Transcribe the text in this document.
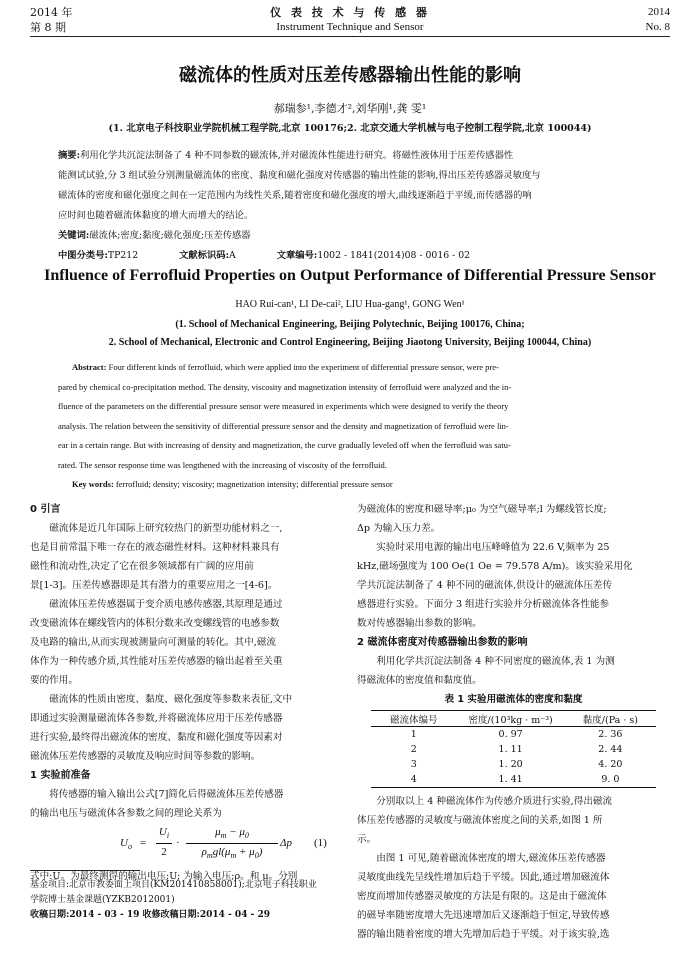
2014 年
第 8 期
仪 表 技 术 与 传 感 器
Instrument Technique and Sensor
2014
No. 8
磁流体的性质对压差传感器输出性能的影响
郝瑞参¹,李德才²,刘华刚¹,龚 雯¹
(1. 北京电子科技职业学院机械工程学院,北京 100176;2. 北京交通大学机械与电子控制工程学院,北京 100044)
摘要:利用化学共沉淀法制备了 4 种不同参数的磁流体,并对磁流体性能进行研究。将磁性液体用于压差传感器性
能测试试验,分 3 组试验分别测量磁流体的密度、黏度和磁化强度对传感器的输出性能的影响,得出压差传感器灵敏度与
磁流体的密度和磁化强度之间在一定范围内为线性关系,随着密度和磁化强度的增大,曲线逐渐趋于平缓,而传感器的响
应时间也随着磁流体黏度的增大而增大的结论。
关键词:磁流体;密度;黏度;磁化强度;压差传感器
中图分类号:TP212	文献标识码:A	文章编号:1002 - 1841(2014)08 - 0016 - 02
Influence of Ferrofluid Properties on Output Performance of Differential Pressure Sensor
HAO Rui-can¹, LI De-cai², LIU Hua-gang¹, GONG Wen¹
(1. School of Mechanical Engineering, Beijing Polytechnic, Beijing 100176, China;
2. School of Mechanical, Electronic and Control Engineering, Beijing Jiaotong University, Beijing 100044, China)
Abstract: Four different kinds of ferrofluid, which were applied into the experiment of differential pressure sensor, were pre-
pared by chemical co-precipitation method. The density, viscosity and magnetization intensity of ferrofluid were analyzed and the in-
fluence of the parameters on the differential pressure sensor were measured in experiments which were designed to verify the theory
analysis. The relation between the sensitivity of differential pressure sensor and the density and magnetization of ferrofluid were lin-
ear in a certain range. But with increasing of density and magnetization, the curve gradually leveled off when the ferrofluid was satu-
rated. The sensor response time was lengthened with the increasing of viscosity of the ferrofluid.
Key words: ferrofluid; density; viscosity; magnetization intensity; differential pressure sensor
0 引言
磁流体是近几年国际上研究较热门的新型功能材料之一,
也是目前常温下唯一存在的液态磁性材料。这种材料兼具有
磁性和流动性,决定了它在很多领域都有广阔的应用前
景[1-3]。压差传感器即是其有潜力的重要应用之一[4-6]。
磁流体压差传感器属于变介质电感传感器,其原理是通过
改变磁流体在螺线管内的体积分数来改变螺线管的电感参数
及电路的输出,从而实现被测量向可测量的转化。其中,磁流
体作为一种传感介质,其性能对压差传感器的输出起着至关重
要的作用。
磁流体的性质由密度、黏度、磁化强度等参数来表征,文中
即通过实验测量磁流体各参数,并将磁流体应用于压差传感器
进行实验,最终得出磁流体的密度、黏度和磁化强度等因素对
磁流体压差传感器的灵敏度及响应时间等参数的影响。
1 实验前准备
将传感器的输入输出公式[7]简化后得磁流体压差传感器
的输出电压与磁流体各参数之间的理论关系为
$U_o$ =
$U_i$
2
·
$\mu_m - \mu_0$
$\rho_mgl(\mu_m + \mu_0)$
Δp (1)
式中:U。为最终测得的输出电压;U; 为输入电压;ρ。和 μ。分别
基金项目:北京市教委面上项目(KM201410858001);北京电子科技职业
学院博士基金课题(YZKB2012001)
收稿日期:2014 - 03 - 19 收修改稿日期:2014 - 04 - 29
为磁流体的密度和磁导率;μ₀ 为空气磁导率;l 为螺线管长度;
Δp 为输入压力差。
实验时采用电源的输出电压峰峰值为 22.6 V,频率为 25
kHz,磁场强度为 100 Oe(1 Oe = 79.578 A/m)。该实验采用化
学共沉淀法制备了 4 种不同的磁流体,供设计的磁流体压差传
感器进行实验。下面分 3 组进行实验并分析磁流体各性能参
数对传感器输出参数的影响。
2 磁流体密度对传感器输出参数的影响
利用化学共沉淀法制备 4 种不同密度的磁流体,表 1 为测
得磁流体的密度值和黏度值。
表 1 实验用磁流体的密度和黏度
磁流体编号	密度/(10³kg · m⁻³)	黏度/(Pa · s)
1	0. 97	2. 36
2	1. 11	2. 44
3	1. 20	4. 20
4	1. 41	9. 0
分别取以上 4 种磁流体作为传感介质进行实验,得出磁流
体压差传感器的灵敏度与磁流体密度之间的关系,如图 1 所
示。
由图 1 可见,随着磁流体密度的增大,磁流体压差传感器
灵敏度曲线先呈线性增加后趋于平缓。因此,通过增加磁流体
密度而增加传感器灵敏度的方法是有限的。这是由于磁流体
的磁导率随密度增大先迅速增加后又逐渐趋于恒定,导致传感
器的输出随着密度的增大先增加后趋于平缓。对于该实验,选
